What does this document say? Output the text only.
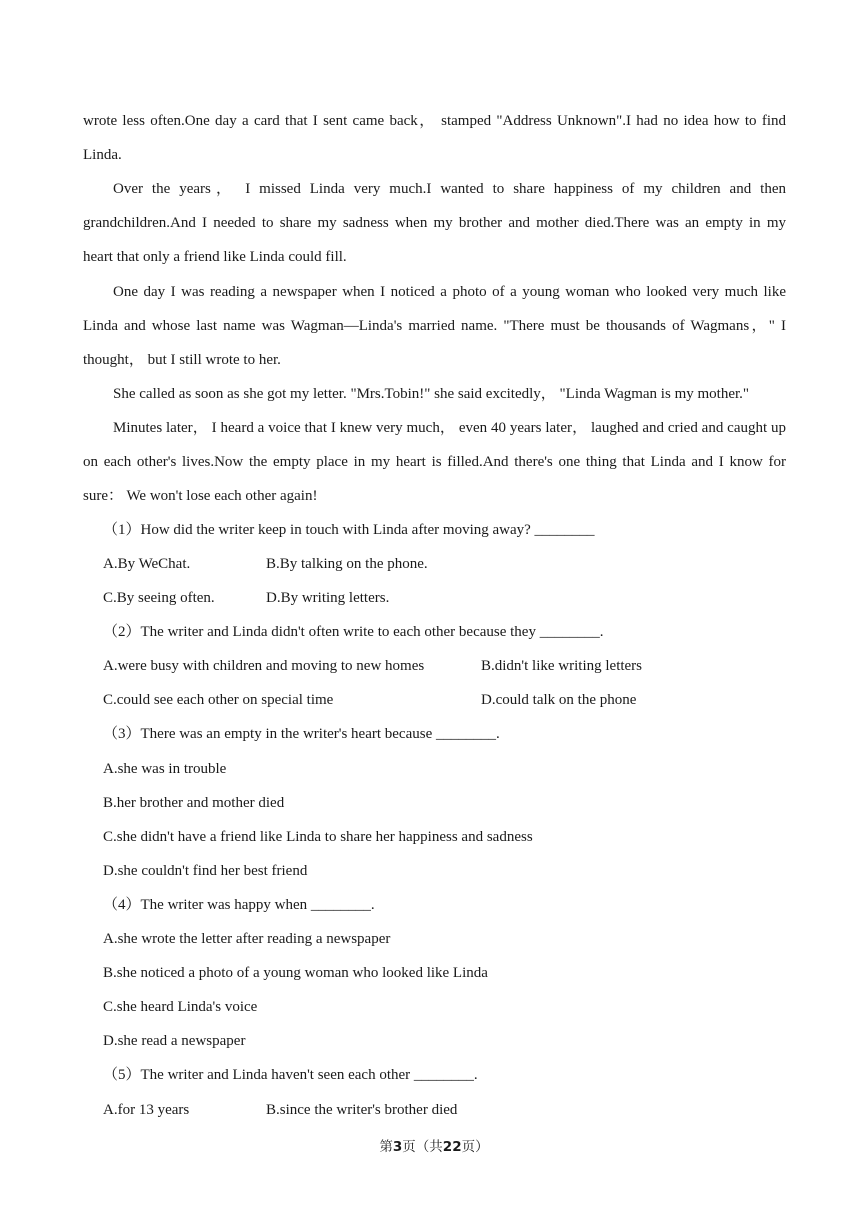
wrote less often.One day a card that I sent came back， stamped "Address Unknown".I had no idea how to find
Linda.
Over the years， I missed Linda very much.I wanted to share happiness of my children and then
grandchildren.And I needed to share my sadness when my brother and mother died.There was an empty in my
heart that only a friend like Linda could fill.
One day I was reading a newspaper when I noticed a photo of a young woman who looked very much like
Linda and whose last name was Wagman—Linda's married name. "There must be thousands of Wagmans，" I
thought， but I still wrote to her.
She called as soon as she got my letter. "Mrs.Tobin!" she said excitedly， "Linda Wagman is my mother."
Minutes later， I heard a voice that I knew very much， even 40 years later， laughed and cried and caught up
on each other's lives.Now the empty place in my heart is filled.And there's one thing that Linda and I know for
sure： We won't lose each other again!
（1）How did the writer keep in touch with Linda after moving away? ________
A.By WeChat.	B.By talking on the phone.
C.By seeing often.	D.By writing letters.
（2）The writer and Linda didn't often write to each other because they ________.
A.were busy with children and moving to new homes	B.didn't like writing letters
C.could see each other on special time	D.could talk on the phone
（3）There was an empty in the writer's heart because ________.
A.she was in trouble
B.her brother and mother died
C.she didn't have a friend like Linda to share her happiness and sadness
D.she couldn't find her best friend
（4）The writer was happy when ________.
A.she wrote the letter after reading a newspaper
B.she noticed a photo of a young woman who looked like Linda
C.she heard Linda's voice
D.she read a newspaper
（5）The writer and Linda haven't seen each other ________.
A.for 13 years	B.since the writer's brother died
第3页（共22页）
